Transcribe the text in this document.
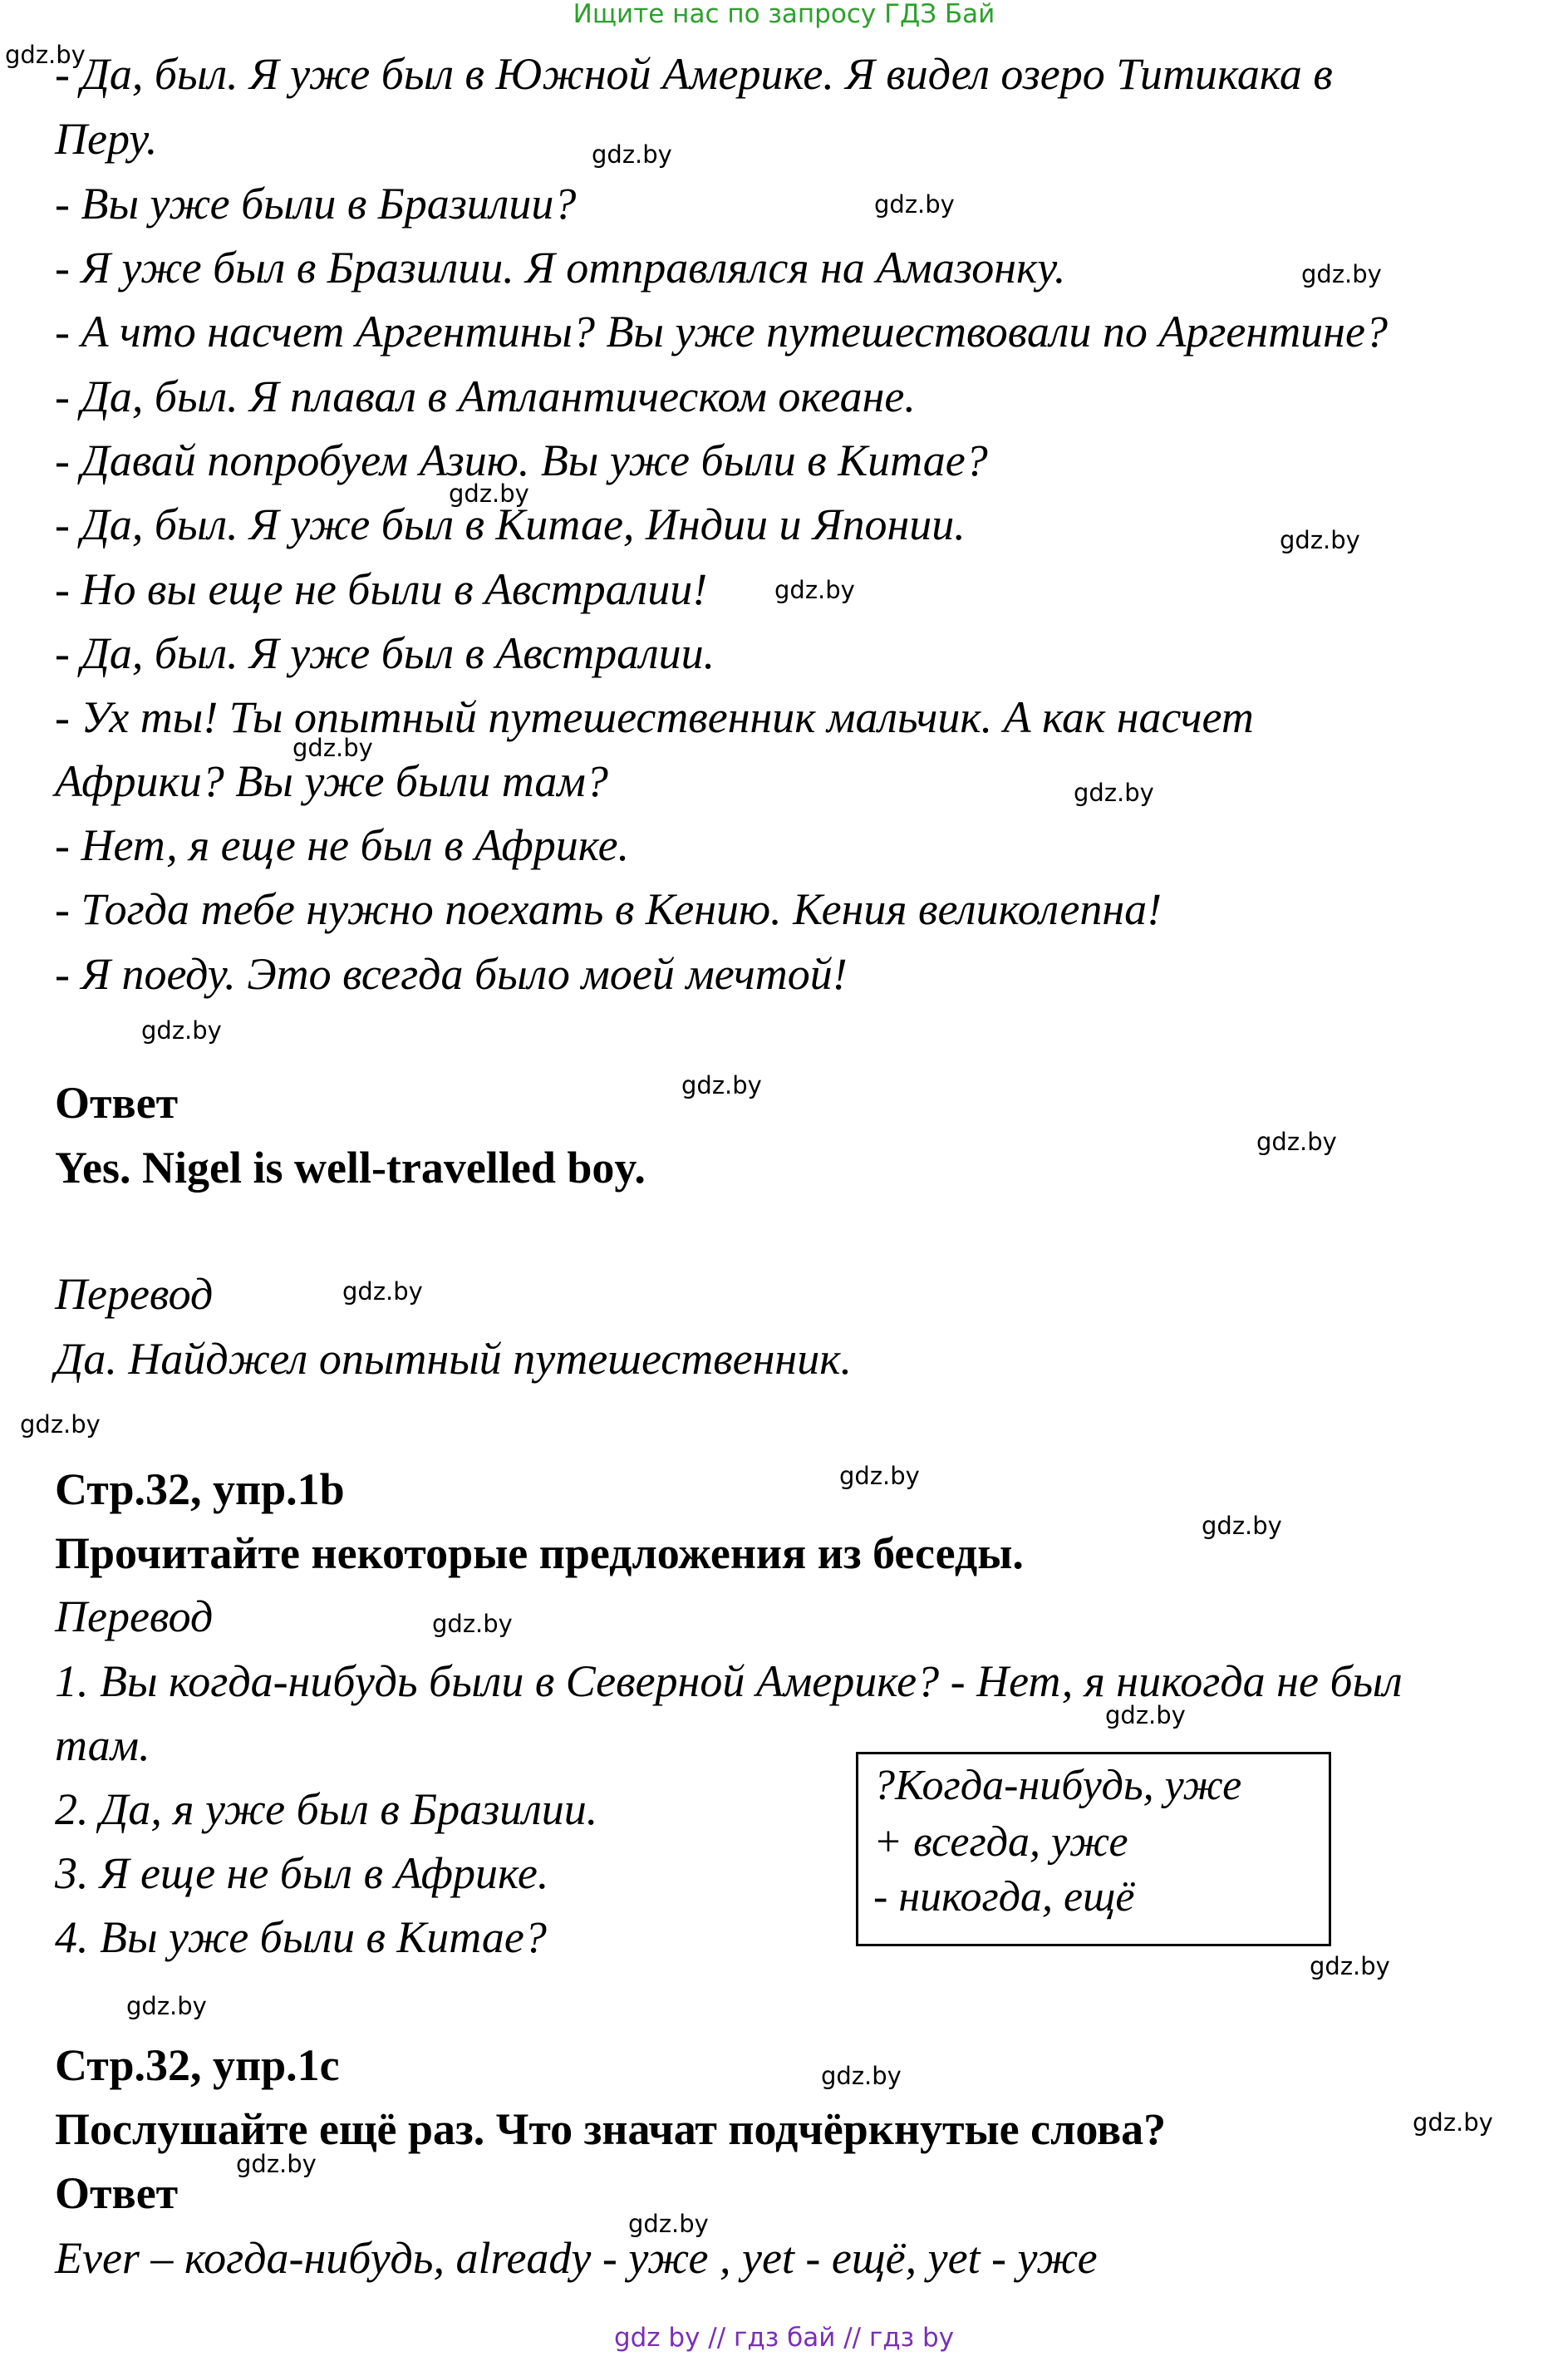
Ищите нас по запросу ГДЗ Бай
- Да, был. Я уже был в Южной Америке. Я видел озеро Титикака в
Перу.
- Вы уже были в Бразилии?
- Я уже был в Бразилии. Я отправлялся на Амазонку.
- А что насчет Аргентины? Вы уже путешествовали по Аргентине?
- Да, был. Я плавал в Атлантическом океане.
- Давай попробуем Азию. Вы уже были в Китае?
- Да, был. Я уже был в Китае, Индии и Японии.
- Но вы еще не были в Австралии!
- Да, был. Я уже был в Австралии.
- Ух ты! Ты опытный путешественник мальчик. А как насчет
Африки? Вы уже были там?
- Нет, я еще не был в Африке.
- Тогда тебе нужно поехать в Кению. Кения великолепна!
- Я поеду. Это всегда было моей мечтой!
Ответ
Yes. Nigel is well-travelled boy.
Перевод
Да. Найджел опытный путешественник.
Стр.32, упр.1b
Прочитайте некоторые предложения из беседы.
Перевод
1. Вы когда-нибудь были в Северной Америке? - Нет, я никогда не был
там.
2. Да, я уже был в Бразилии.
3. Я еще не был в Африке.
4. Вы уже были в Китае?
?Когда-нибудь, уже
+ всегда, уже
- никогда, ещё
Стр.32, упр.1c
Послушайте ещё раз. Что значат подчёркнутые слова?
Ответ
Ever – когда-нибудь, already - уже , yet - ещё, yet - уже
gdz.by
gdz.by
gdz.by
gdz.by
gdz.by
gdz.by
gdz.by
gdz.by
gdz.by
gdz.by
gdz.by
gdz.by
gdz.by
gdz.by
gdz.by
gdz.by
gdz.by
gdz.by
gdz.by
gdz.by
gdz.by
gdz.by
gdz.by
gdz.by
gdz by // гдз бай // гдз by
